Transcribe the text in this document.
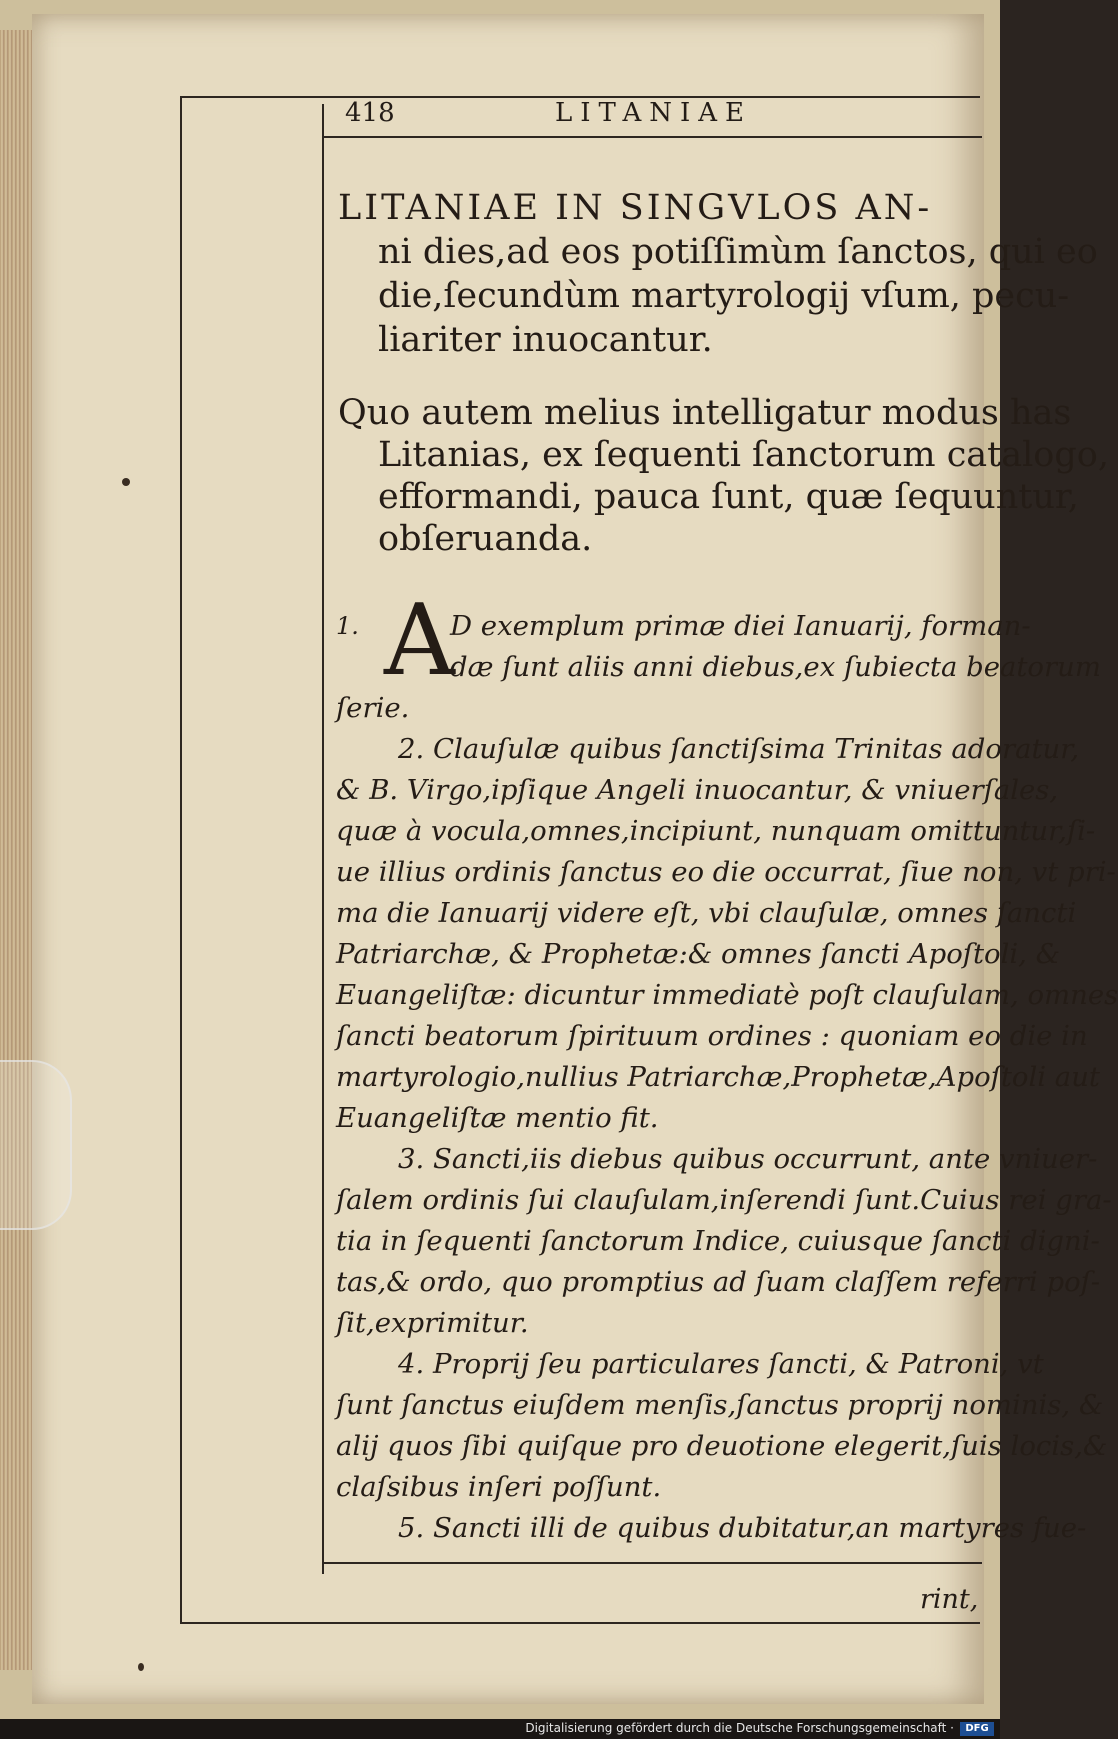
418	LITANIAE
LITANIAE IN SINGVLOS AN-
ni dies,ad eos potiſſimùm ſanctos, qui eo
die,ſecundùm martyrologij vſum, pecu-
liariter inuocantur.
Quo autem melius intelligatur modus has
Litanias, ex ſequenti ſanctorum catalogo,
efformandi, pauca ſunt, quæ ſequuntur,
obſeruanda.
1. A
D exemplum primæ diei Ianuarij, forman-
dæ ſunt aliis anni diebus,ex ſubiecta beatorum
ſerie.
2. Clauſulæ quibus ſanctiſsima Trinitas adoratur,
& B. Virgo,ipſique Angeli inuocantur, & vniuerſales,
quæ à vocula,omnes,incipiunt, nunquam omittuntur,ſi-
ue illius ordinis ſanctus eo die occurrat, ſiue non, vt pri-
ma die Ianuarij videre eſt, vbi clauſulæ, omnes ſancti
Patriarchæ, & Prophetæ:& omnes ſancti Apoſtoli, &
Euangeliſtæ: dicuntur immediatè poſt clauſulam, omnes
ſancti beatorum ſpirituum ordines : quoniam eo die in
martyrologio,nullius Patriarchæ,Prophetæ,Apoſtoli aut
Euangeliſtæ mentio fit.
3. Sancti,iis diebus quibus occurrunt, ante vniuer-
ſalem ordinis ſui clauſulam,inſerendi ſunt.Cuius rei gra-
tia in ſequenti ſanctorum Indice, cuiusque ſancti digni-
tas,& ordo, quo promptius ad ſuam claſſem referri poſ-
ſit,exprimitur.
4. Proprij ſeu particulares ſancti, & Patroni, vt
ſunt ſanctus eiuſdem menſis,ſanctus proprij nominis, &
alij quos ſibi quiſque pro deuotione elegerit,ſuis locis,&
claſsibus inſeri poſſunt.
5. Sancti illi de quibus dubitatur,an martyres fue-
rint,
Digitalisierung gefördert durch die Deutsche Forschungsgemeinschaft ·	DFG
